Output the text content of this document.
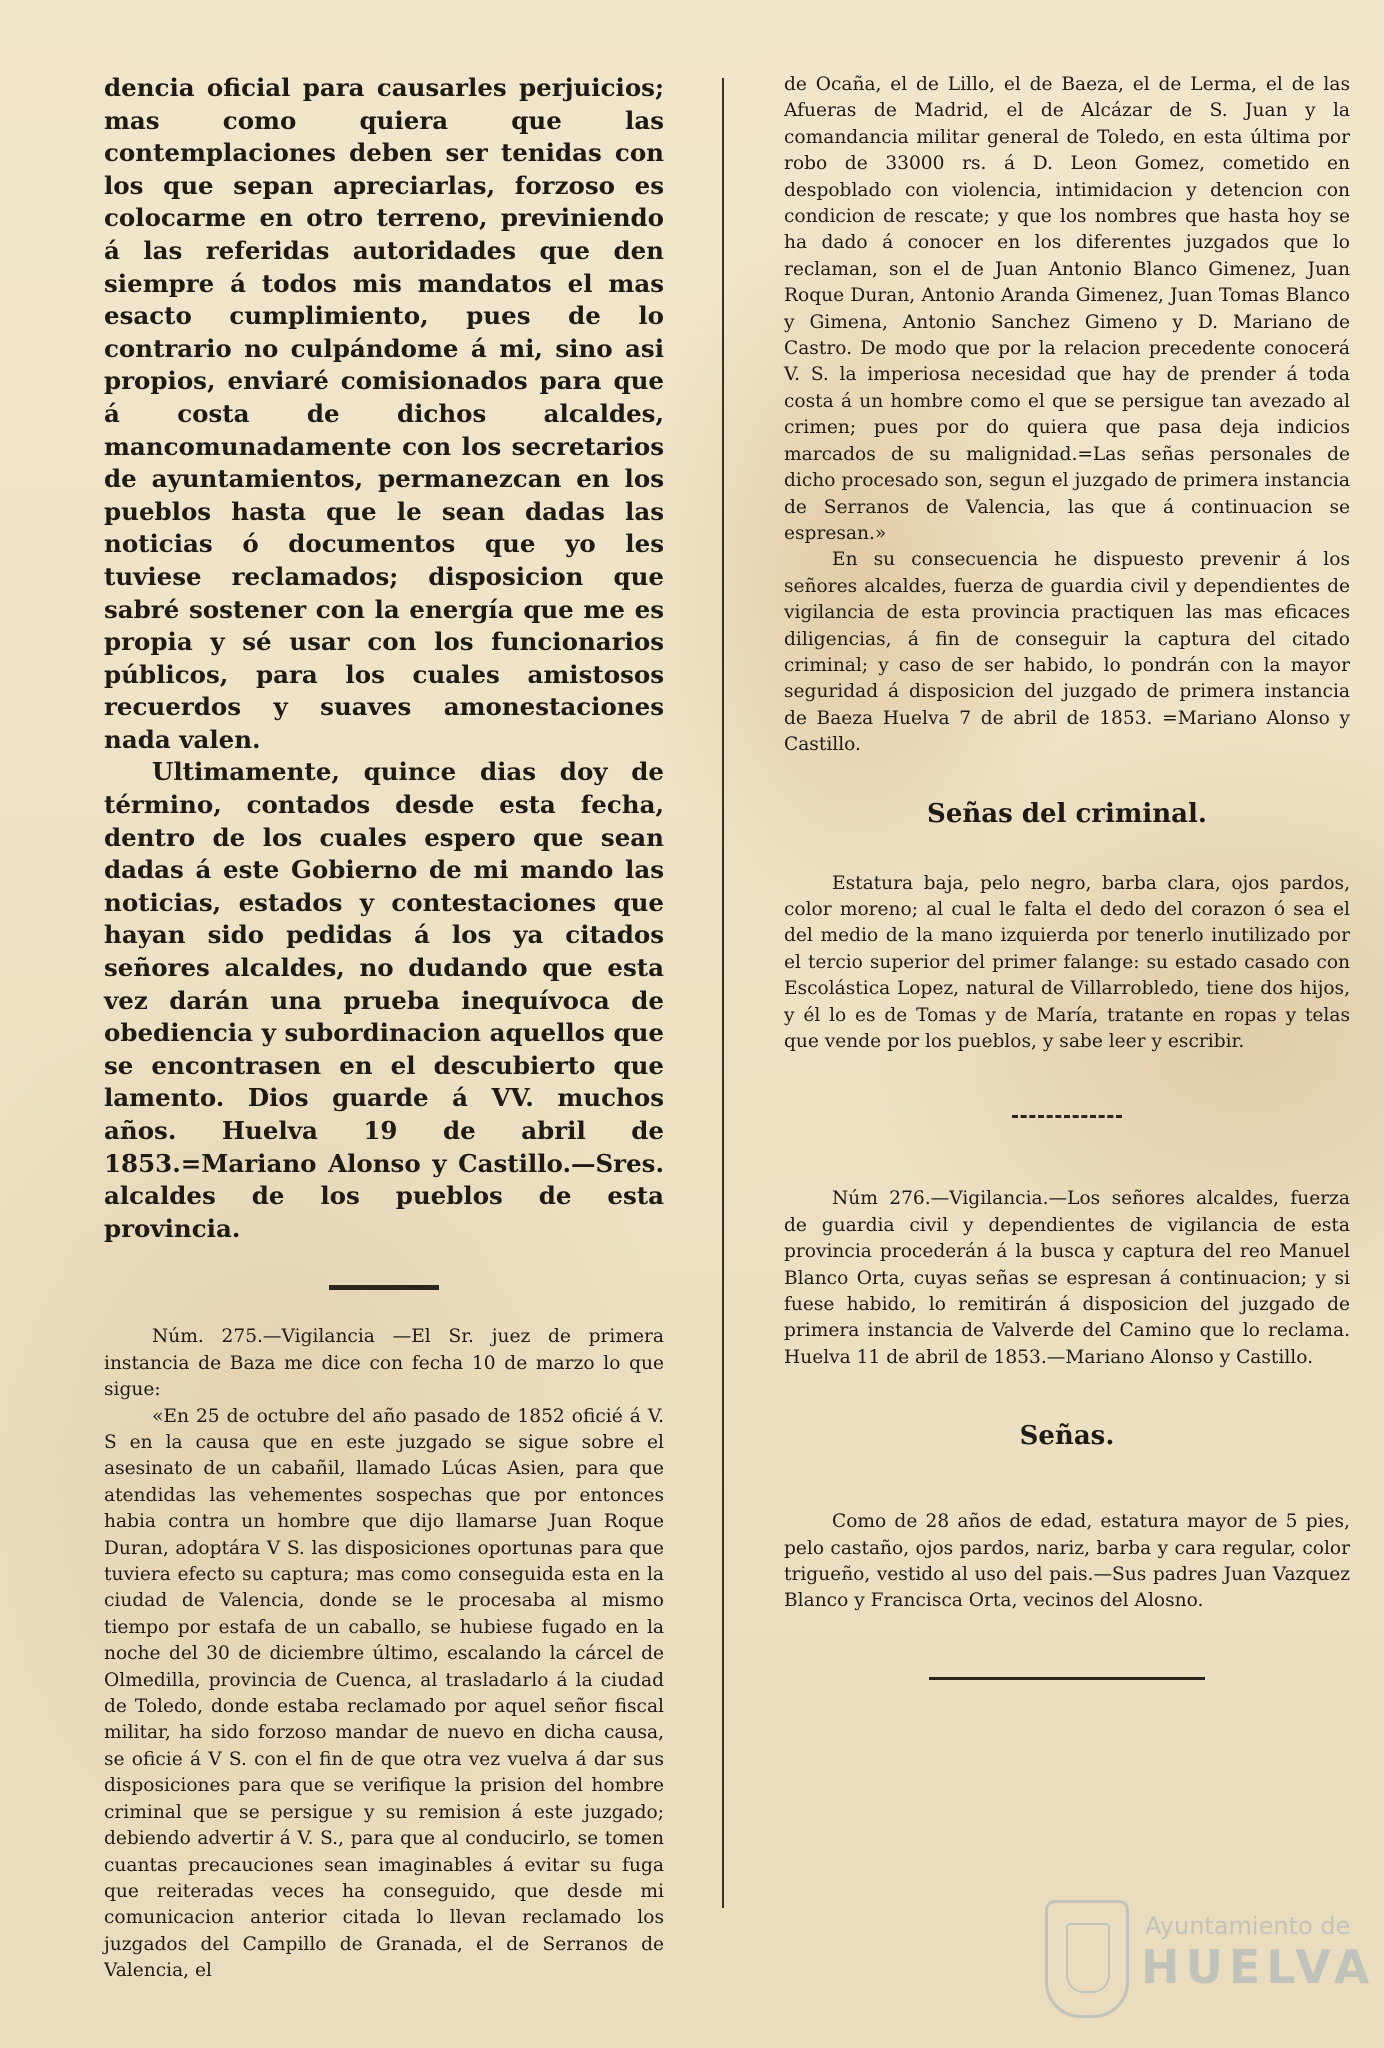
dencia oficial para causarles perjuicios; mas como quiera que las contemplaciones deben ser tenidas con los que sepan apreciarlas, forzoso es colocarme en otro terreno, previniendo á las referidas autoridades que den siempre á todos mis mandatos el mas esacto cumplimiento, pues de lo contrario no culpándome á mi, sino asi propios, enviaré comisionados para que á costa de dichos alcaldes, mancomunadamente con los secretarios de ayuntamientos, permanezcan en los pueblos hasta que le sean dadas las noticias ó documentos que yo les tuviese reclamados; disposicion que sabré sostener con la energía que me es propia y sé usar con los funcionarios públicos, para los cuales amistosos recuerdos y suaves amonestaciones nada valen.

Ultimamente, quince dias doy de término, contados desde esta fecha, dentro de los cuales espero que sean dadas á este Gobierno de mi mando las noticias, estados y contestaciones que hayan sido pedidas á los ya citados señores alcaldes, no dudando que esta vez darán una prueba inequívoca de obediencia y subordinacion aquellos que se encontrasen en el descubierto que lamento. Dios guarde á VV. muchos años. Huelva 19 de abril de 1853.=Mariano Alonso y Castillo.—Sres. alcaldes de los pueblos de esta provincia.

Núm. 275.—Vigilancia —El Sr. juez de primera instancia de Baza me dice con fecha 10 de marzo lo que sigue:

«En 25 de octubre del año pasado de 1852 oficié á V. S en la causa que en este juzgado se sigue sobre el asesinato de un cabañil, llamado Lúcas Asien, para que atendidas las vehementes sospechas que por entonces habia contra un hombre que dijo llamarse Juan Roque Duran, adoptára V S. las disposiciones oportunas para que tuviera efecto su captura; mas como conseguida esta en la ciudad de Valencia, donde se le procesaba al mismo tiempo por estafa de un caballo, se hubiese fugado en la noche del 30 de diciembre último, escalando la cárcel de Olmedilla, provincia de Cuenca, al trasladarlo á la ciudad de Toledo, donde estaba reclamado por aquel señor fiscal militar, ha sido forzoso mandar de nuevo en dicha causa, se oficie á V S. con el fin de que otra vez vuelva á dar sus disposiciones para que se verifique la prision del hombre criminal que se persigue y su remision á este juzgado; debiendo advertir á V. S., para que al conducirlo, se tomen cuantas precauciones sean imaginables á evitar su fuga que reiteradas veces ha conseguido, que desde mi comunicacion anterior citada lo llevan reclamado los juzgados del Campillo de Granada, el de Serranos de Valencia, el

de Ocaña, el de Lillo, el de Baeza, el de Lerma, el de las Afueras de Madrid, el de Alcázar de S. Juan y la comandancia militar general de Toledo, en esta última por robo de 33000 rs. á D. Leon Gomez, cometido en despoblado con violencia, intimidacion y detencion con condicion de rescate; y que los nombres que hasta hoy se ha dado á conocer en los diferentes juzgados que lo reclaman, son el de Juan Antonio Blanco Gimenez, Juan Roque Duran, Antonio Aranda Gimenez, Juan Tomas Blanco y Gimena, Antonio Sanchez Gimeno y D. Mariano de Castro. De modo que por la relacion precedente conocerá V. S. la imperiosa necesidad que hay de prender á toda costa á un hombre como el que se persigue tan avezado al crimen; pues por do quiera que pasa deja indicios marcados de su malignidad.=Las señas personales de dicho procesado son, segun el juzgado de primera instancia de Serranos de Valencia, las que á continuacion se espresan.»

En su consecuencia he dispuesto prevenir á los señores alcaldes, fuerza de guardia civil y dependientes de vigilancia de esta provincia practiquen las mas eficaces diligencias, á fin de conseguir la captura del citado criminal; y caso de ser habido, lo pondrán con la mayor seguridad á disposicion del juzgado de primera instancia de Baeza Huelva 7 de abril de 1853. =Mariano Alonso y Castillo.

Señas del criminal.

Estatura baja, pelo negro, barba clara, ojos pardos, color moreno; al cual le falta el dedo del corazon ó sea el del medio de la mano izquierda por tenerlo inutilizado por el tercio superior del primer falange: su estado casado con Escolástica Lopez, natural de Villarrobledo, tiene dos hijos, y él lo es de Tomas y de María, tratante en ropas y telas que vende por los pueblos, y sabe leer y escribir.

Núm 276.—Vigilancia.—Los señores alcaldes, fuerza de guardia civil y dependientes de vigilancia de esta provincia procederán á la busca y captura del reo Manuel Blanco Orta, cuyas señas se espresan á continuacion; y si fuese habido, lo remitirán á disposicion del juzgado de primera instancia de Valverde del Camino que lo reclama. Huelva 11 de abril de 1853.—Mariano Alonso y Castillo.

Señas.

Como de 28 años de edad, estatura mayor de 5 pies, pelo castaño, ojos pardos, nariz, barba y cara regular, color trigueño, vestido al uso del pais.—Sus padres Juan Vazquez Blanco y Francisca Orta, vecinos del Alosno.

Ayuntamiento de
HUELVA
